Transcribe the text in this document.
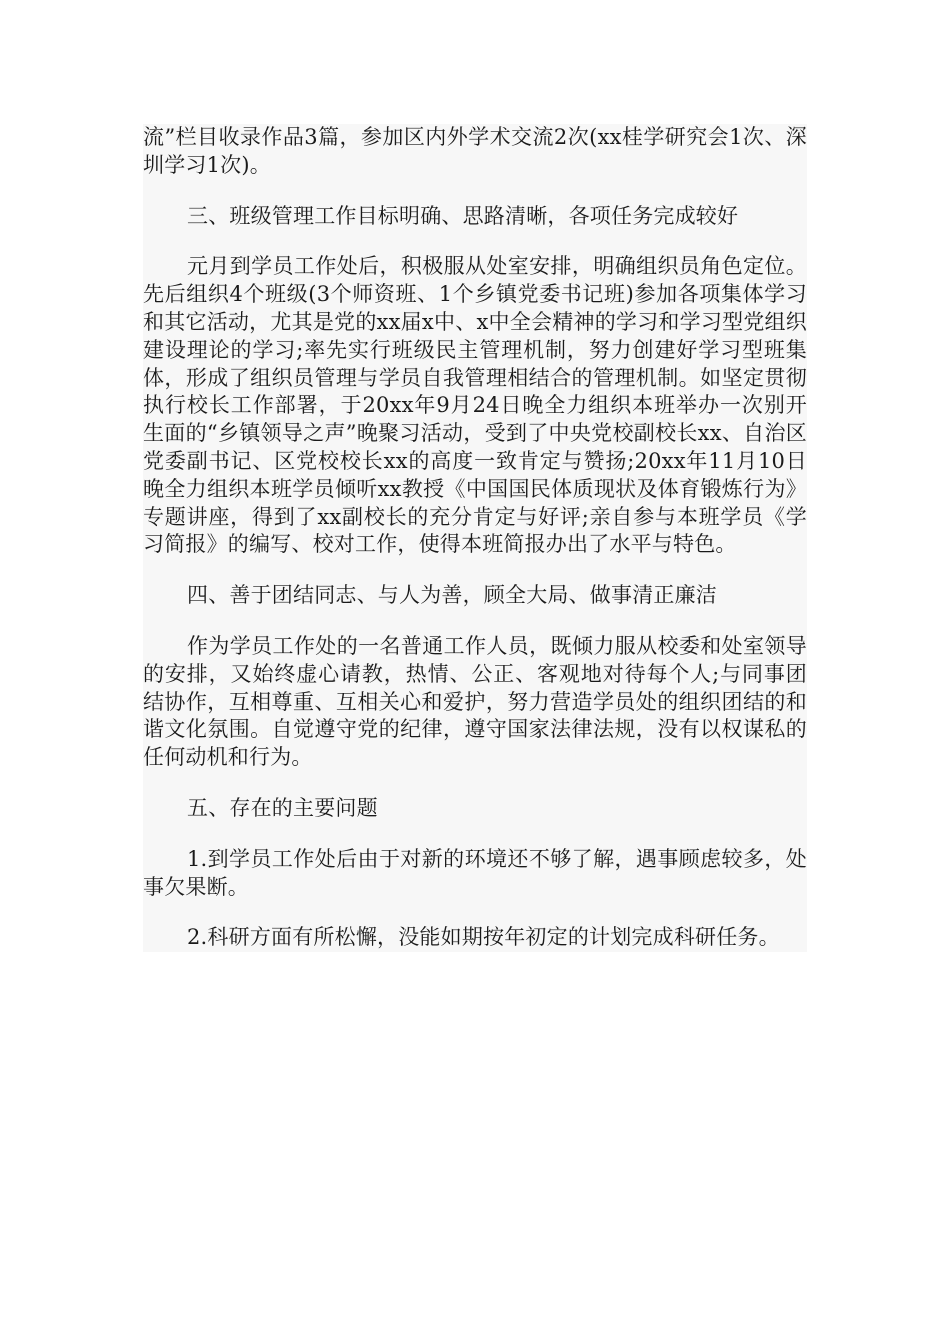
流”栏目收录作品3篇，参加区内外学术交流2次(xx桂学研究会1次、深圳学习1次)。

三、班级管理工作目标明确、思路清晰，各项任务完成较好

元月到学员工作处后，积极服从处室安排，明确组织员角色定位。先后组织4个班级(3个师资班、1个乡镇党委书记班)参加各项集体学习和其它活动，尤其是党的xx届x中、x中全会精神的学习和学习型党组织建设理论的学习;率先实行班级民主管理机制，努力创建好学习型班集体，形成了组织员管理与学员自我管理相结合的管理机制。如坚定贯彻执行校长工作部署，于20xx年9月24日晚全力组织本班举办一次别开生面的“乡镇领导之声”晚聚习活动，受到了中央党校副校长xx、自治区党委副书记、区党校校长xx的高度一致肯定与赞扬;20xx年11月10日晚全力组织本班学员倾听xx教授《中国国民体质现状及体育锻炼行为》专题讲座，得到了xx副校长的充分肯定与好评;亲自参与本班学员《学习简报》的编写、校对工作，使得本班简报办出了水平与特色。

四、善于团结同志、与人为善，顾全大局、做事清正廉洁

作为学员工作处的一名普通工作人员，既倾力服从校委和处室领导的安排，又始终虚心请教，热情、公正、客观地对待每个人;与同事团结协作，互相尊重、互相关心和爱护，努力营造学员处的组织团结的和谐文化氛围。自觉遵守党的纪律，遵守国家法律法规，没有以权谋私的任何动机和行为。

五、存在的主要问题

1.到学员工作处后由于对新的环境还不够了解，遇事顾虑较多，处事欠果断。

2.科研方面有所松懈，没能如期按年初定的计划完成科研任务。
